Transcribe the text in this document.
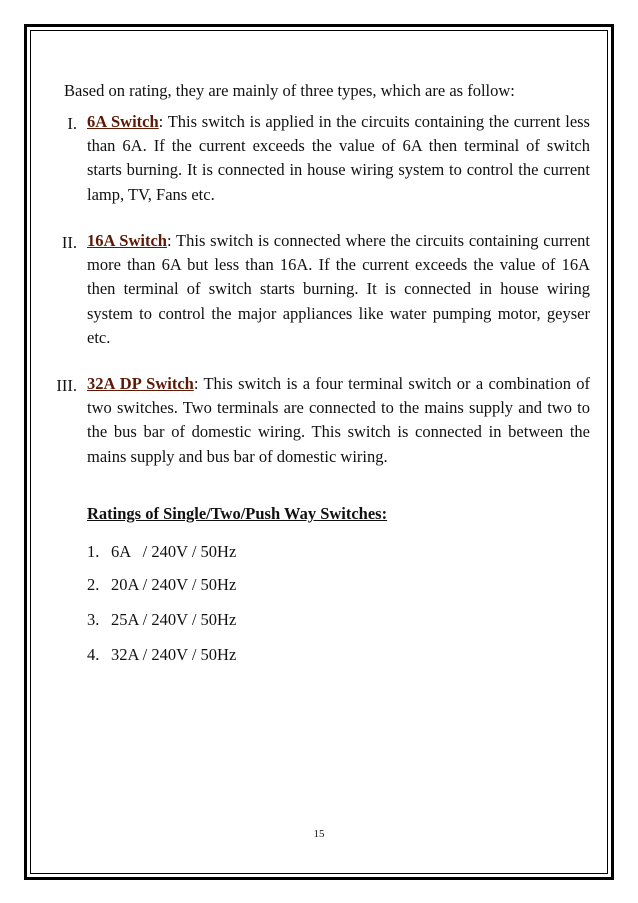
Based on rating, they are mainly of three types, which are as follow:
I. 6A Switch: This switch is applied in the circuits containing the current less than 6A. If the current exceeds the value of 6A then terminal of switch starts burning. It is connected in house wiring system to control the current lamp, TV, Fans etc.
II. 16A Switch: This switch is connected where the circuits containing current more than 6A but less than 16A. If the current exceeds the value of 16A then terminal of switch starts burning. It is connected in house wiring system to control the major appliances like water pumping motor, geyser etc.
III. 32A DP Switch: This switch is a four terminal switch or a combination of two switches. Two terminals are connected to the mains supply and two to the bus bar of domestic wiring. This switch is connected in between the mains supply and bus bar of domestic wiring.
Ratings of Single/Two/Push Way Switches:
1. 6A   / 240V / 50Hz
2. 20A / 240V / 50Hz
3. 25A / 240V / 50Hz
4. 32A / 240V / 50Hz
15
